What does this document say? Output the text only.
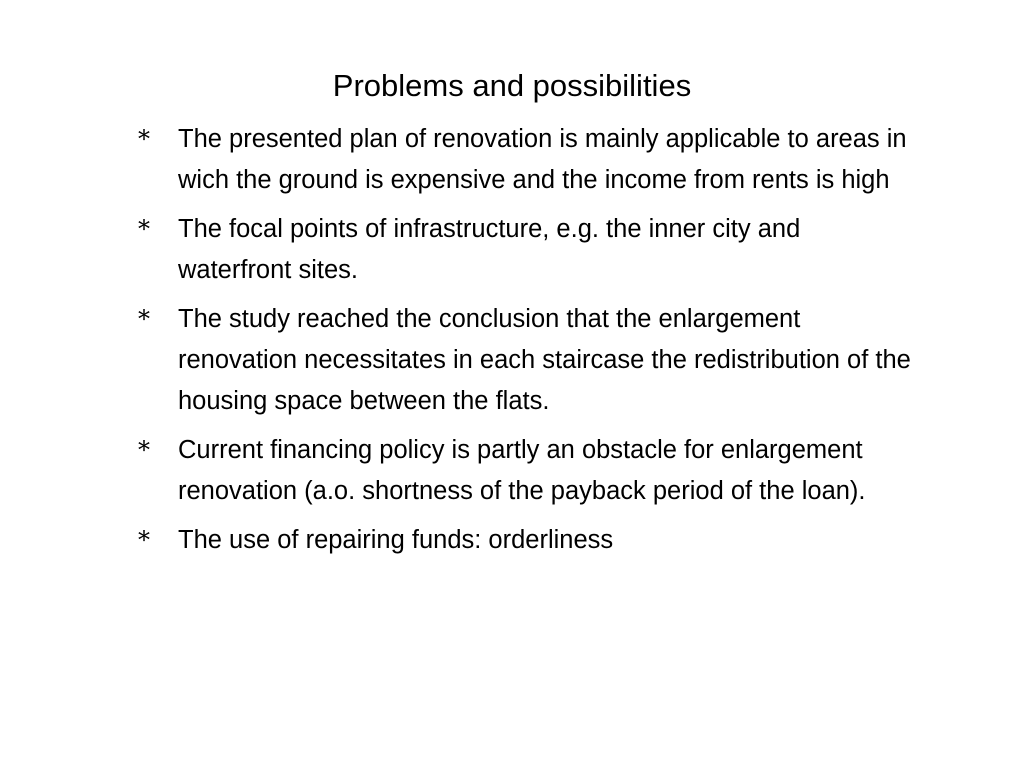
Problems and possibilities
*	The presented plan of renovation is mainly applicable to areas in wich the ground is expensive and the income from rents is high
*	The focal points of infrastructure, e.g. the inner city and waterfront sites.
*	The study reached the conclusion that the enlargement renovation necessitates in each staircase the redistribution of the housing space between the flats.
*	Current financing policy is partly an obstacle for enlargement renovation (a.o. shortness of the payback period of the loan).
*	The use of repairing funds: orderliness
